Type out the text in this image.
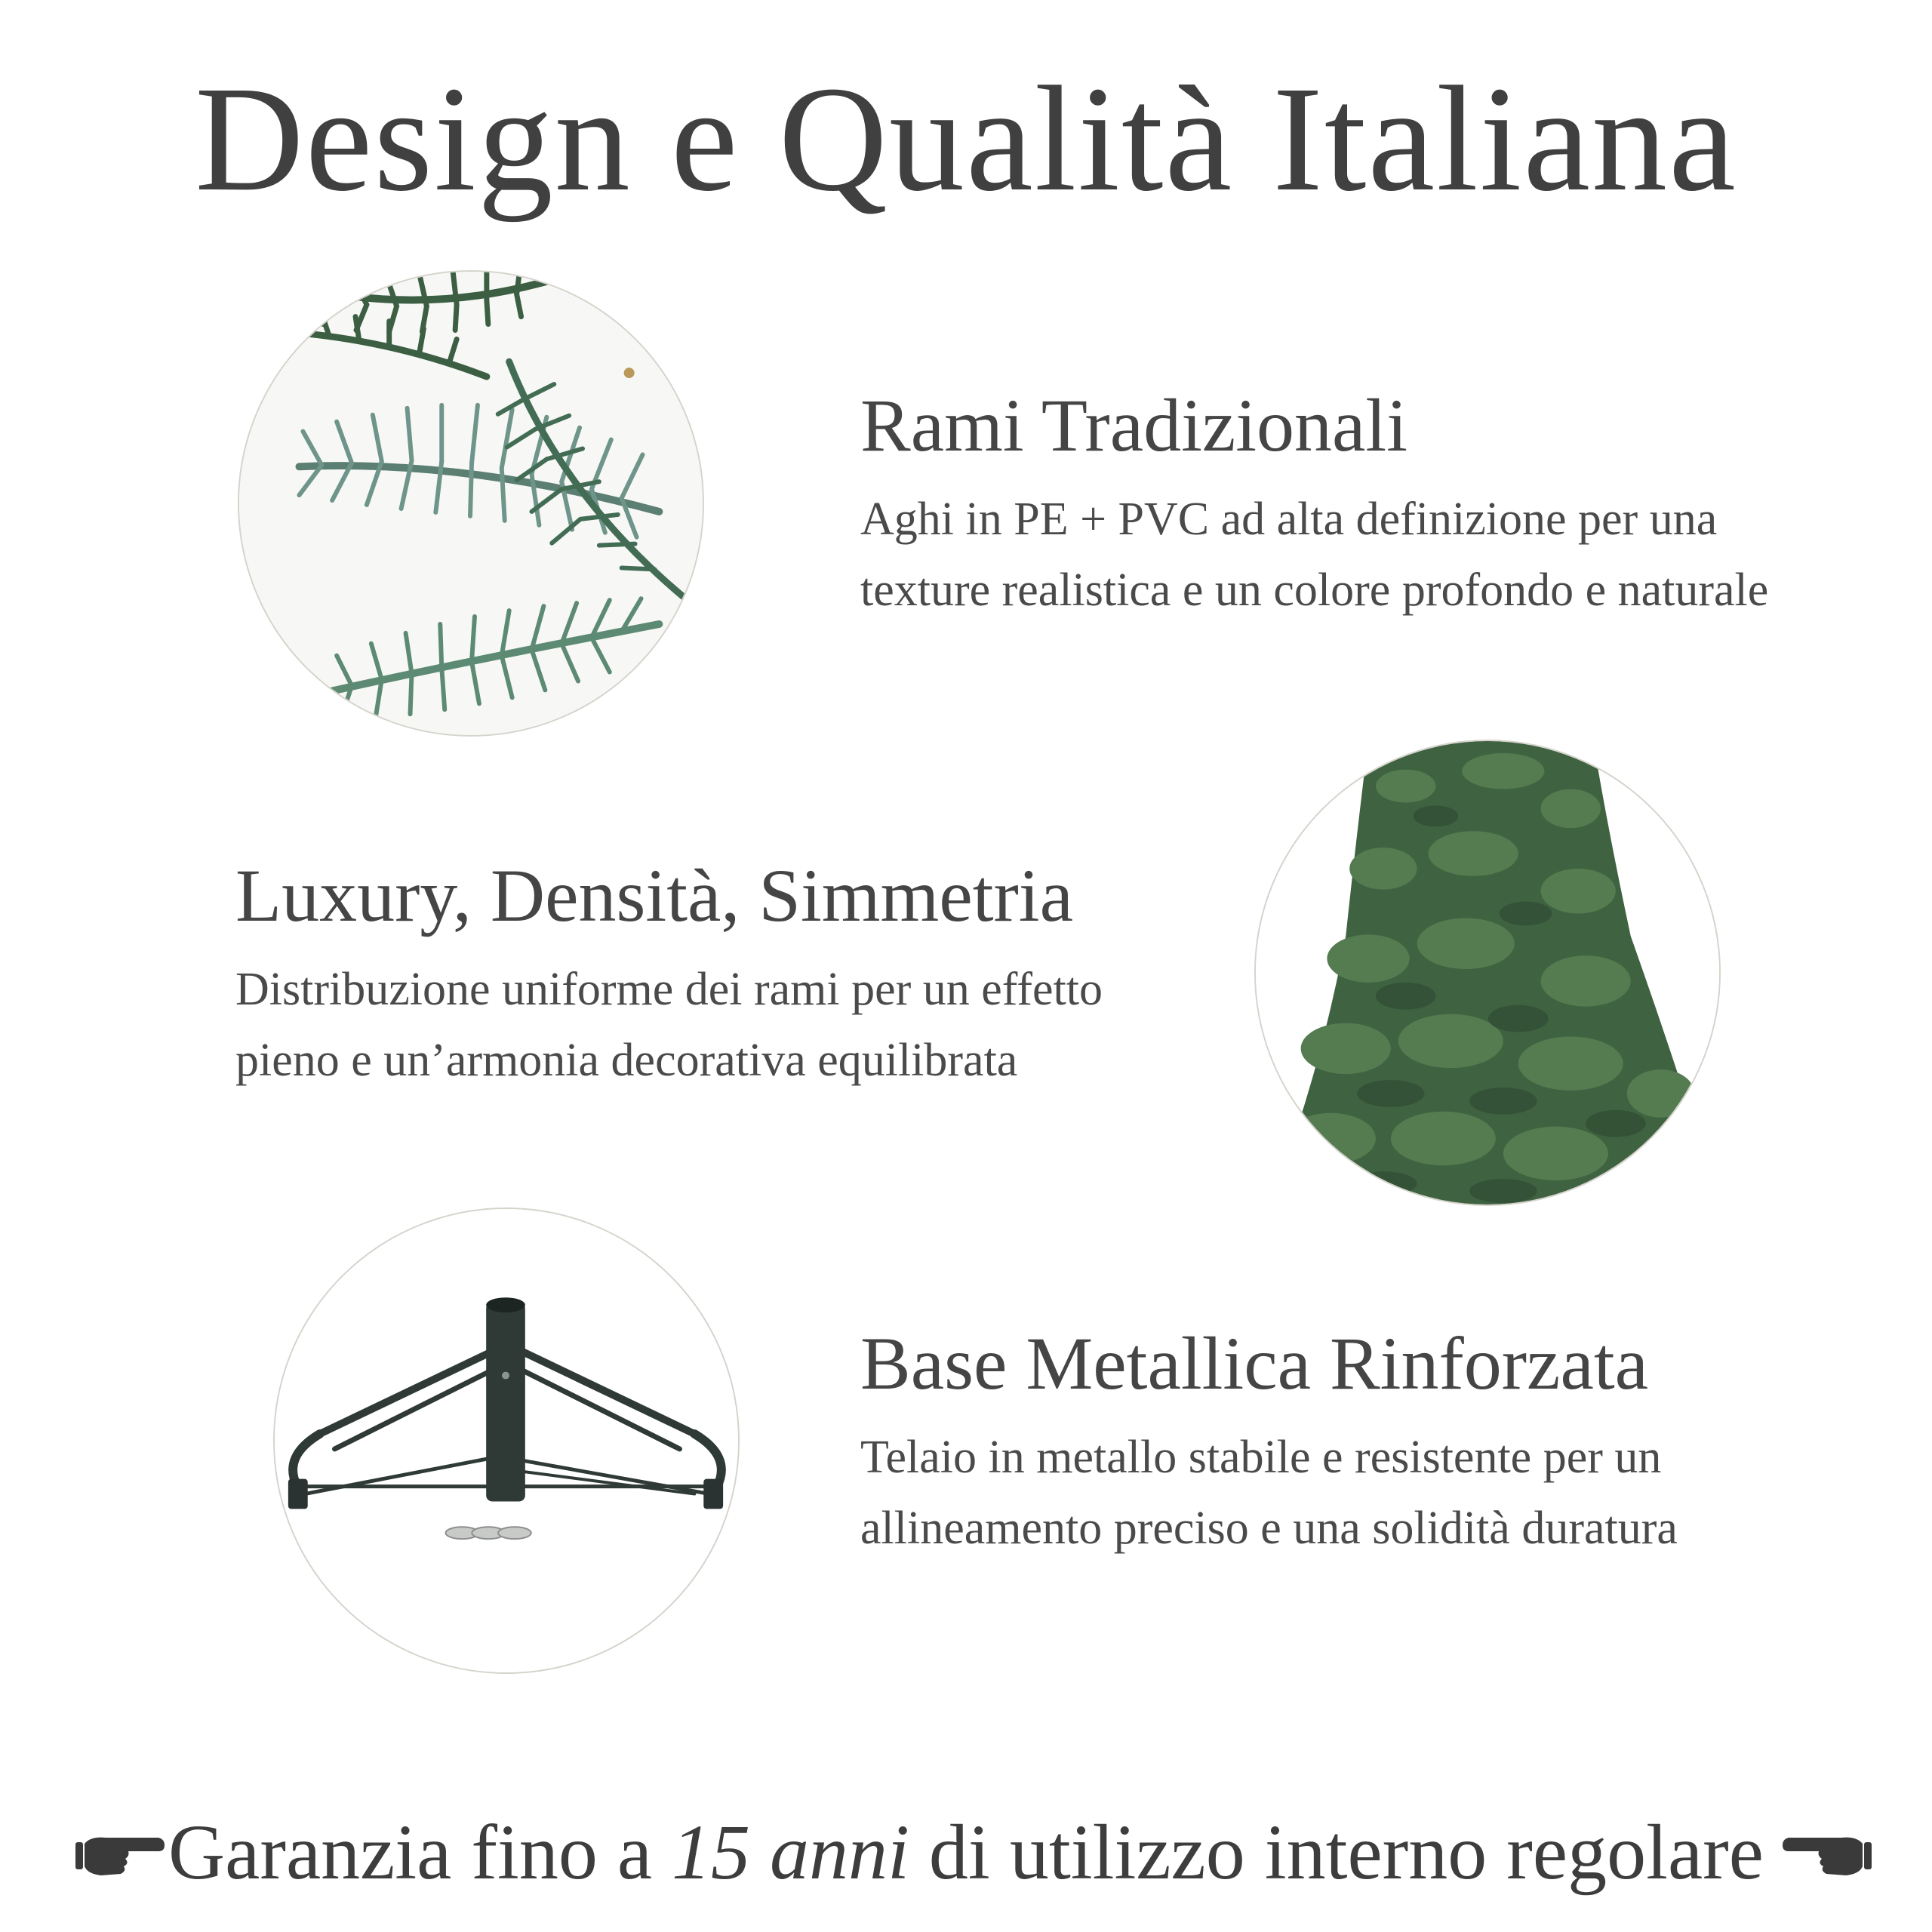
Design e Qualità Italiana
Rami Tradizionali
Aghi in PE + PVC ad alta definizione per una
texture realistica e un colore profondo e naturale
Luxury, Densità, Simmetria
Distribuzione uniforme dei rami per un effetto
pieno e un’armonia decorativa equilibrata
Base Metallica Rinforzata
Telaio in metallo stabile e resistente per un
allineamento preciso e una solidità duratura
Garanzia fino a 15 anni di utilizzo interno regolare
